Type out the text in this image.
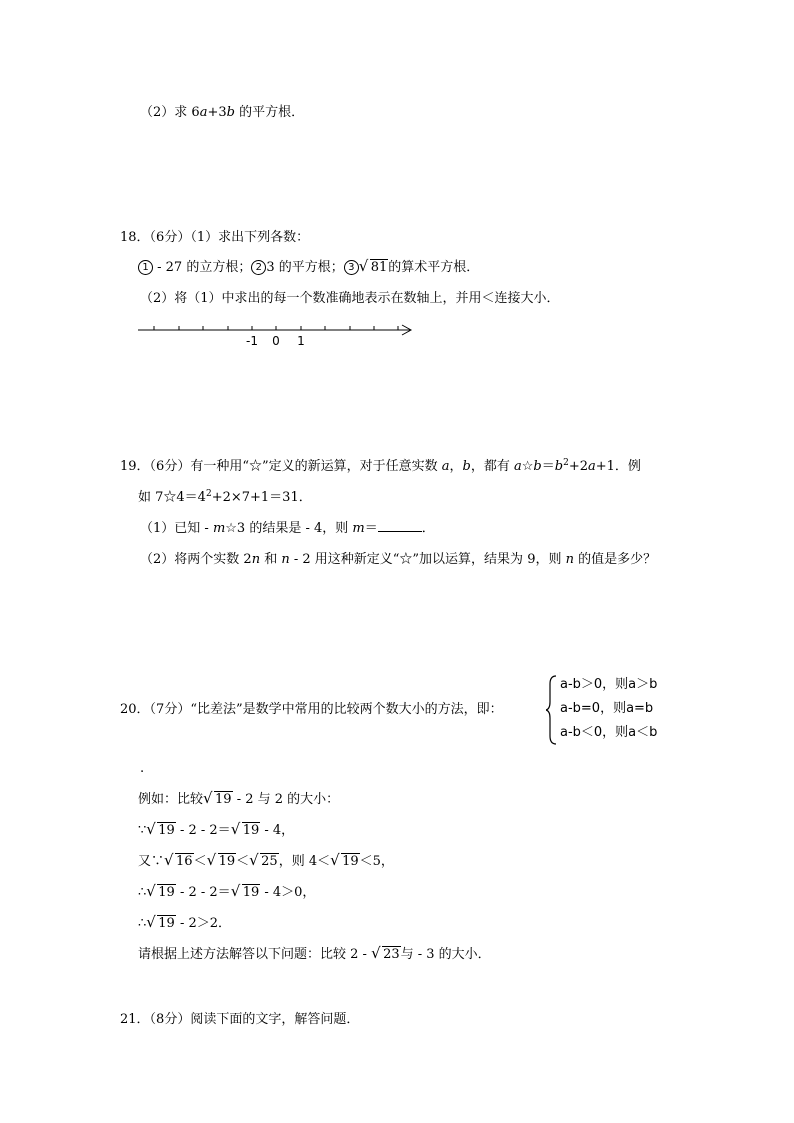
（2）求 6a+3b 的平方根．
18．（6分）（1）求出下列各数：
1 - 27 的立方根； 2 3 的平方根； 3 √ 81的算术平方根．
（2）将（1）中求出的每一个数准确地表示在数轴上，并用＜连接大小．
-1 0 1
19．（6分）有一种用“☆”定义的新运算，对于任意实数 a，b，都有 $a☆b=b^2+2a+1$．例
如 $7☆4=4^2+2\times 7+1=31$．
（1）已知 - m☆3 的结果是 - 4，则 m＝	．
（2）将两个实数 2n 和 n - 2 用这种新定义“☆”加以运算，结果为 9，则 n 的值是多少？
20．（7分）“比差法”是数学中常用的比较两个数大小的方法，即：
a-b＞0，则a＞b
a-b=0，则a=b
a-b＜0，则a＜b
.
例如：比较 √ 19 - 2 与 2 的大小：
∵ √ 19 - 2 - 2＝ √ 19 - 4，
又∵ √ 16＜ √ 19＜ √ 25，则 4＜ √ 19＜5，
∴ √ 19 - 2 - 2＝ √ 19 - 4＞0，
∴ √ 19 - 2＞2．
请根据上述方法解答以下问题：比较 2 - √ 23与 - 3 的大小．
21．（8分）阅读下面的文字，解答问题．
